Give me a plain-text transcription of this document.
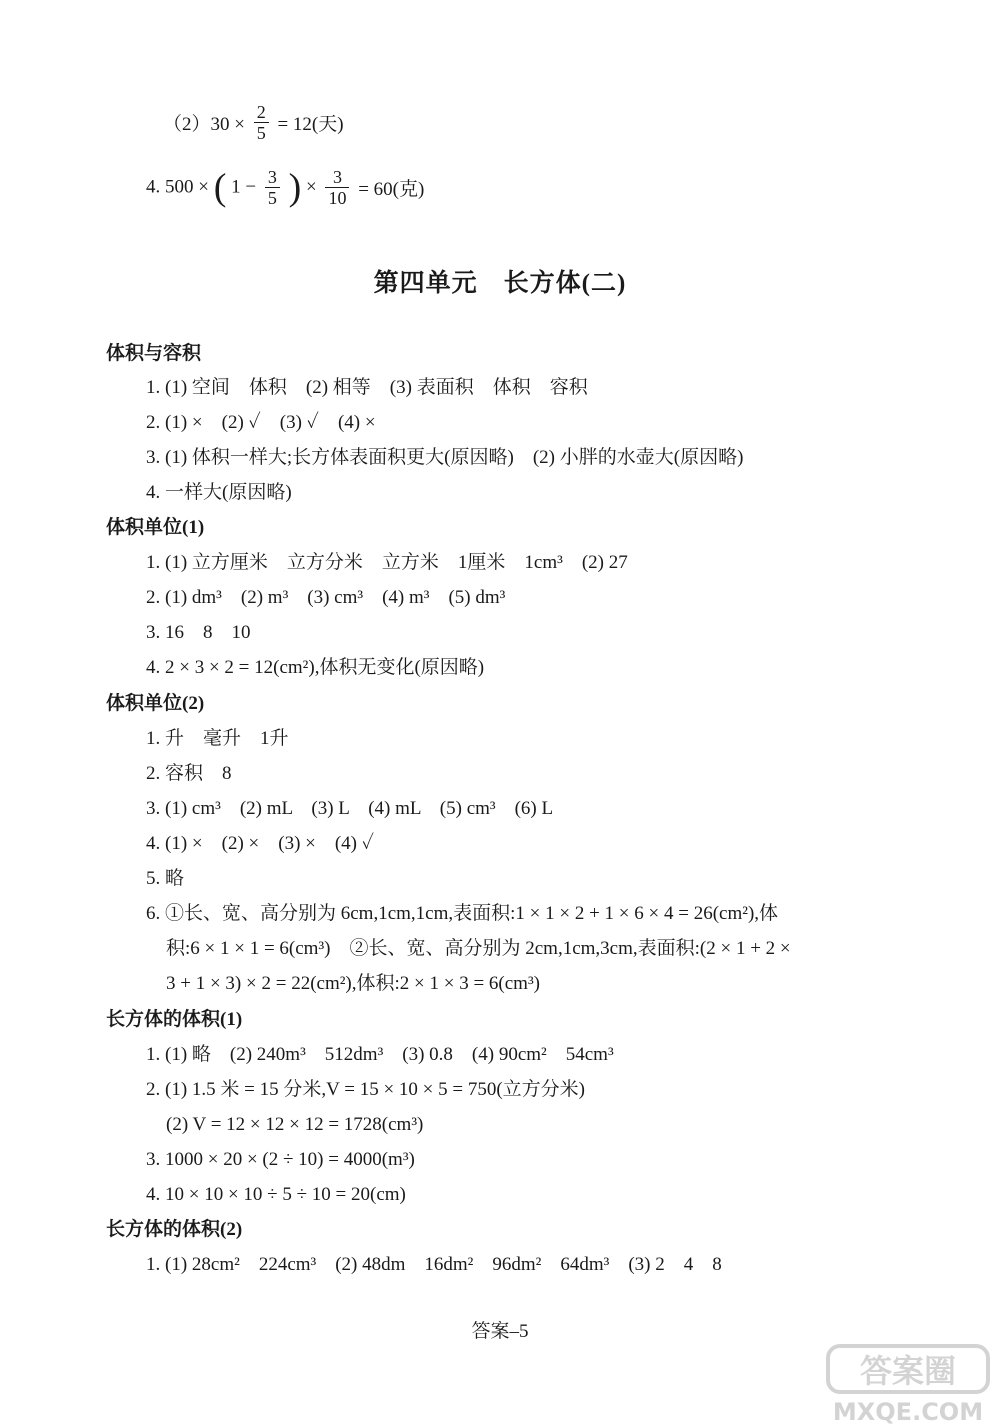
$(2)30 \times \frac{2}{5} = 12$(天)
4. 500 × ( $1 - \frac{3}{5}$ ) × $\frac{3}{10} = 60$(克)
第四单元　长方体(二)
体积与容积
1. (1) 空间　体积　(2) 相等　(3) 表面积　体积　容积
2. (1) ×　(2) ✓　(3) ✓　(4) ×
3. (1) 体积一样大;长方体表面积更大(原因略)　(2) 小胖的水壶大(原因略)
4. 一样大(原因略)
体积单位(1)
1. (1) 立方厘米　立方分米　立方米　1厘米　1cm³　(2) 27
2. (1) dm³　(2) m³　(3) cm³　(4) m³　(5) dm³
3. 16　8　10
4. 2 × 3 × 2 = 12(cm²),体积无变化(原因略)
体积单位(2)
1. 升　毫升　1升
2. 容积　8
3. (1) cm³　(2) mL　(3) L　(4) mL　(5) cm³　(6) L
4. (1) ×　(2) ×　(3) ×　(4) ✓
5. 略
6. ①长、宽、高分别为 6cm,1cm,1cm,表面积:1 × 1 × 2 + 1 × 6 × 4 = 26(cm²),体
积:6 × 1 × 1 = 6(cm³)　②长、宽、高分别为 2cm,1cm,3cm,表面积:(2 × 1 + 2 ×
3 + 1 × 3) × 2 = 22(cm²),体积:2 × 1 × 3 = 6(cm³)
长方体的体积(1)
1. (1) 略　(2) 240m³　512dm³　(3) 0.8　(4) 90cm²　54cm³
2. (1) 1.5 米 = 15 分米,V = 15 × 10 × 5 = 750(立方分米)
(2) V = 12 × 12 × 12 = 1728(cm³)
3. 1000 × 20 × (2 ÷ 10) = 4000(m³)
4. 10 × 10 × 10 ÷ 5 ÷ 10 = 20(cm)
长方体的体积(2)
1. (1) 28cm²　224cm³　(2) 48dm　16dm²　96dm²　64dm³　(3) 2　4　8
答案–5
答案圈
MXQE.COM
